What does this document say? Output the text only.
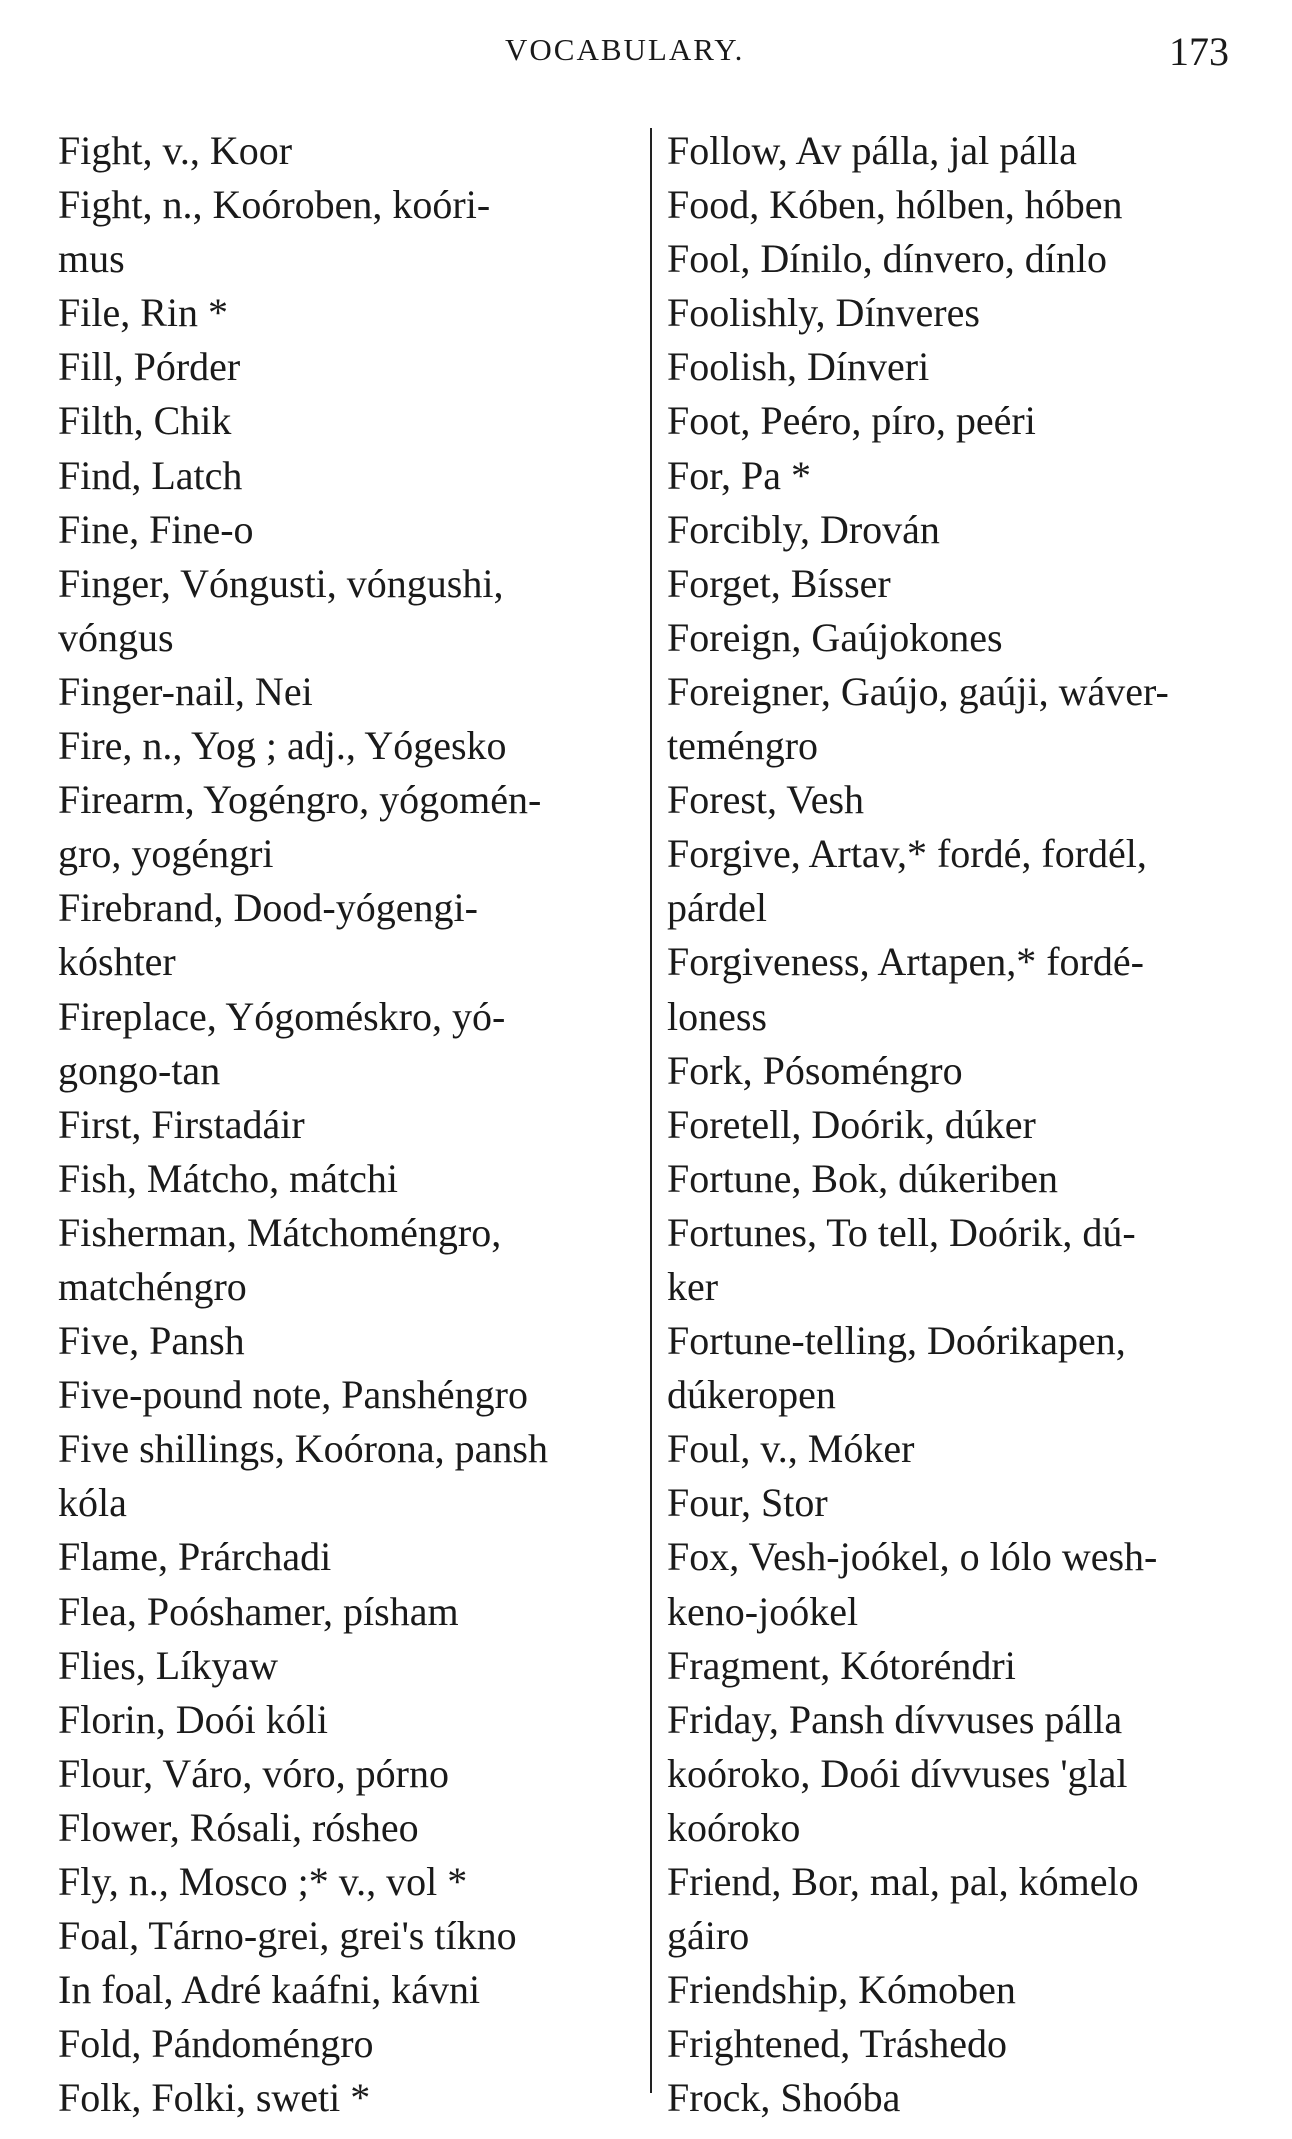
VOCABULARY.	173

Fight, v., Koor

Fight, n., Koóroben, koóri-
mus

File, Rin *

Fill, Pórder

Filth, Chik

Find, Latch

Fine, Fine-o

Finger, Vóngusti, vóngushi,
vóngus

Finger-nail, Nei

Fire, n., Yog ; adj., Yógesko

Firearm, Yogéngro, yógomén-
gro, yogéngri

Firebrand, Dood-yógengi-
kóshter

Fireplace, Yógoméskro, yó-
gongo-tan

First, Firstadáir

Fish, Mátcho, mátchi

Fisherman, Mátchoméngro,
matchéngro

Five, Pansh

Five-pound note, Panshéngro

Five shillings, Koórona, pansh
kóla

Flame, Prárchadi

Flea, Poóshamer, písham

Flies, Líkyaw

Florin, Doói kóli

Flour, Váro, vóro, pórno

Flower, Rósali, rósheo

Fly, n., Mosco ;* v., vol *

Foal, Tárno-grei, grei's tíkno

In foal, Adré kaáfni, kávni

Fold, Pándoméngro

Folk, Folki, sweti *

Follow, Av pálla, jal pálla

Food, Kóben, hólben, hóben

Fool, Dínilo, dínvero, dínlo

Foolishly, Dínveres

Foolish, Dínveri

Foot, Peéro, píro, peéri

For, Pa *

Forcibly, Drován

Forget, Bísser

Foreign, Gaújokones

Foreigner, Gaújo, gaúji, wáver-
teméngro

Forest, Vesh

Forgive, Artav,* fordé, fordél,
párdel

Forgiveness, Artapen,* fordé-
loness

Fork, Pósoméngro

Foretell, Doórik, dúker

Fortune, Bok, dúkeriben

Fortunes, To tell, Doórik, dú-
ker

Fortune-telling, Doórikapen,
dúkeropen

Foul, v., Móker

Four, Stor

Fox, Vesh-joókel, o lólo wesh-
keno-joókel

Fragment, Kótoréndri

Friday, Pansh dívvuses pálla
koóroko, Doói dívvuses 'glal
koóroko

Friend, Bor, mal, pal, kómelo
gáiro

Friendship, Kómoben

Frightened, Tráshedo

Frock, Shoóba
